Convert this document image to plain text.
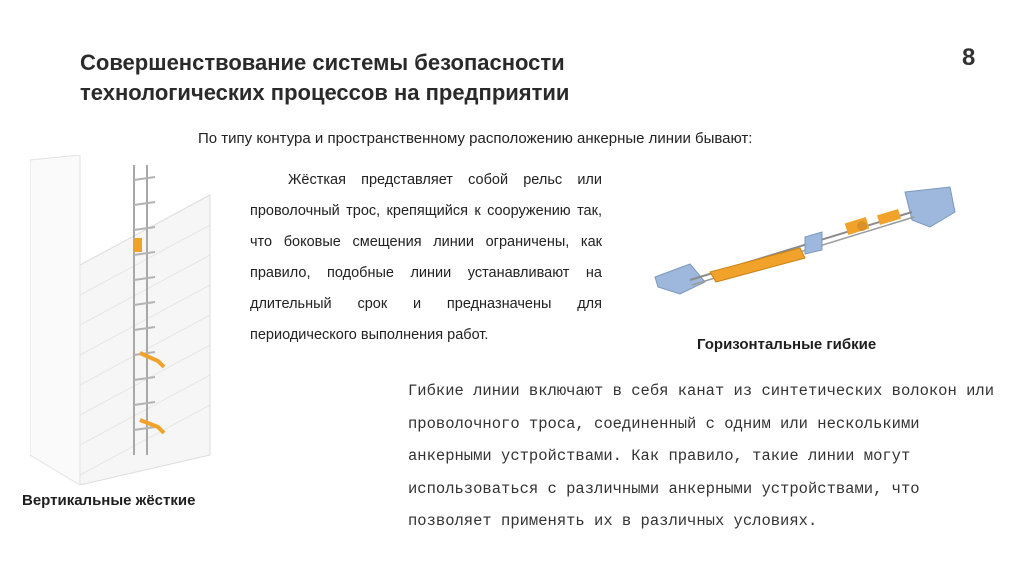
Совершенствование системы безопасности
технологических процессов на предприятии
8
По типу контура и пространственному расположению анкерные линии бывают:
Жёсткая представляет собой рельс или проволочный трос, крепящийся к сооружению так, что боковые смещения линии ограничены, как правило, подобные линии устанавливают на длительный срок и предназначены для периодического выполнения работ.
Горизонтальные гибкие
Гибкие линии включают в себя канат из синтетических волокон или проволочного троса, соединенный с одним или несколькими анкерными устройствами. Как правило, такие линии могут использоваться с различными анкерными устройствами, что позволяет применять их в различных условиях.
Вертикальные жёсткие
